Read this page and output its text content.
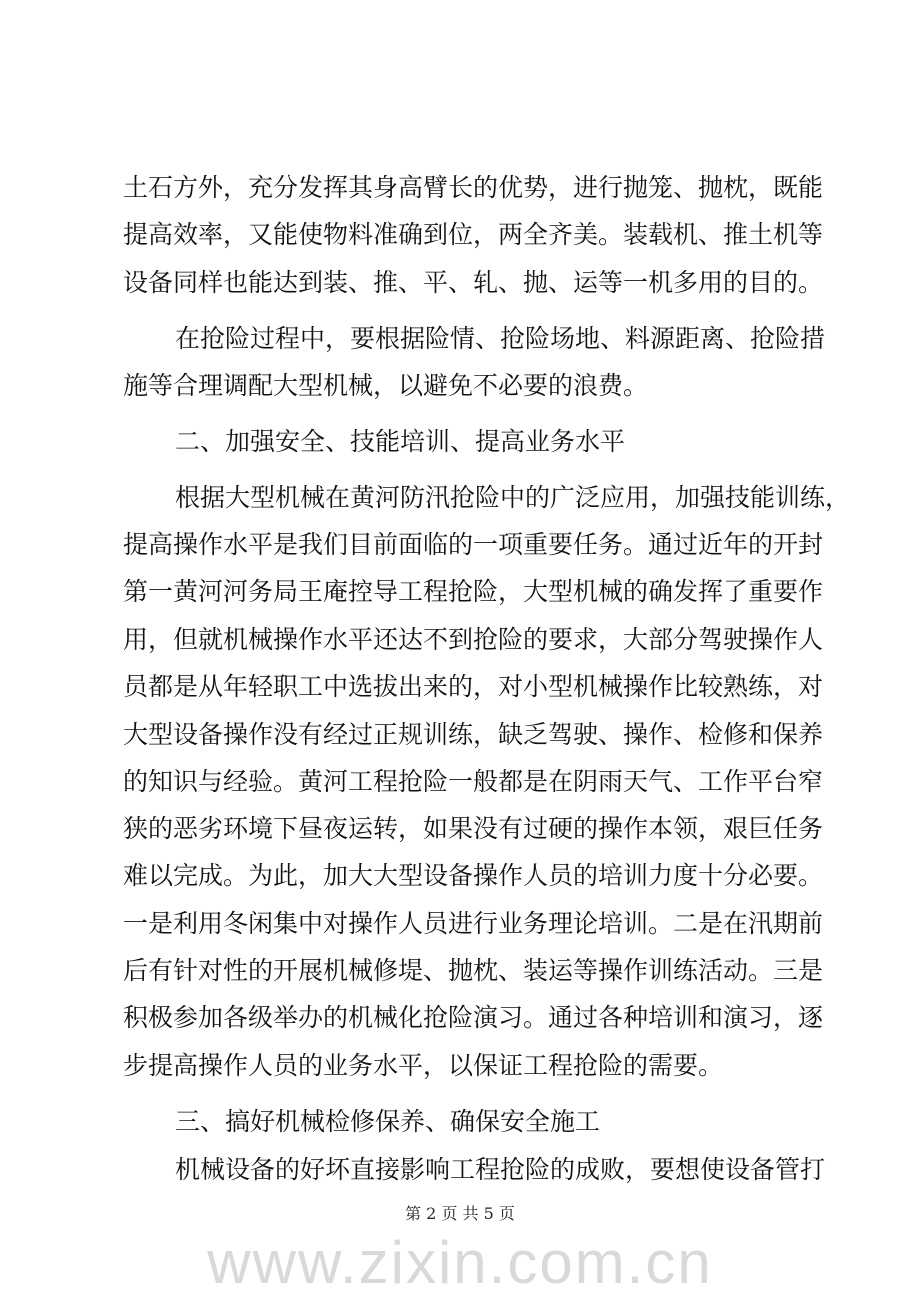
土石方外，充分发挥其身高臂长的优势，进行抛笼、抛枕，既能
提高效率，又能使物料准确到位，两全齐美。装载机、推土机等
设备同样也能达到装、推、平、轧、抛、运等一机多用的目的。
在抢险过程中，要根据险情、抢险场地、料源距离、抢险措
施等合理调配大型机械，以避免不必要的浪费。
二、加强安全、技能培训、提高业务水平
根据大型机械在黄河防汛抢险中的广泛应用，加强技能训练，
提高操作水平是我们目前面临的一项重要任务。通过近年的开封
第一黄河河务局王庵控导工程抢险，大型机械的确发挥了重要作
用，但就机械操作水平还达不到抢险的要求，大部分驾驶操作人
员都是从年轻职工中选拔出来的，对小型机械操作比较熟练，对
大型设备操作没有经过正规训练，缺乏驾驶、操作、检修和保养
的知识与经验。黄河工程抢险一般都是在阴雨天气、工作平台窄
狭的恶劣环境下昼夜运转，如果没有过硬的操作本领，艰巨任务
难以完成。为此，加大大型设备操作人员的培训力度十分必要。
一是利用冬闲集中对操作人员进行业务理论培训。二是在汛期前
后有针对性的开展机械修堤、抛枕、装运等操作训练活动。三是
积极参加各级举办的机械化抢险演习。通过各种培训和演习，逐
步提高操作人员的业务水平，以保证工程抢险的需要。
三、搞好机械检修保养、确保安全施工
机械设备的好坏直接影响工程抢险的成败，要想使设备管打
第 2 页 共 5 页
www.zixin.com.cn
